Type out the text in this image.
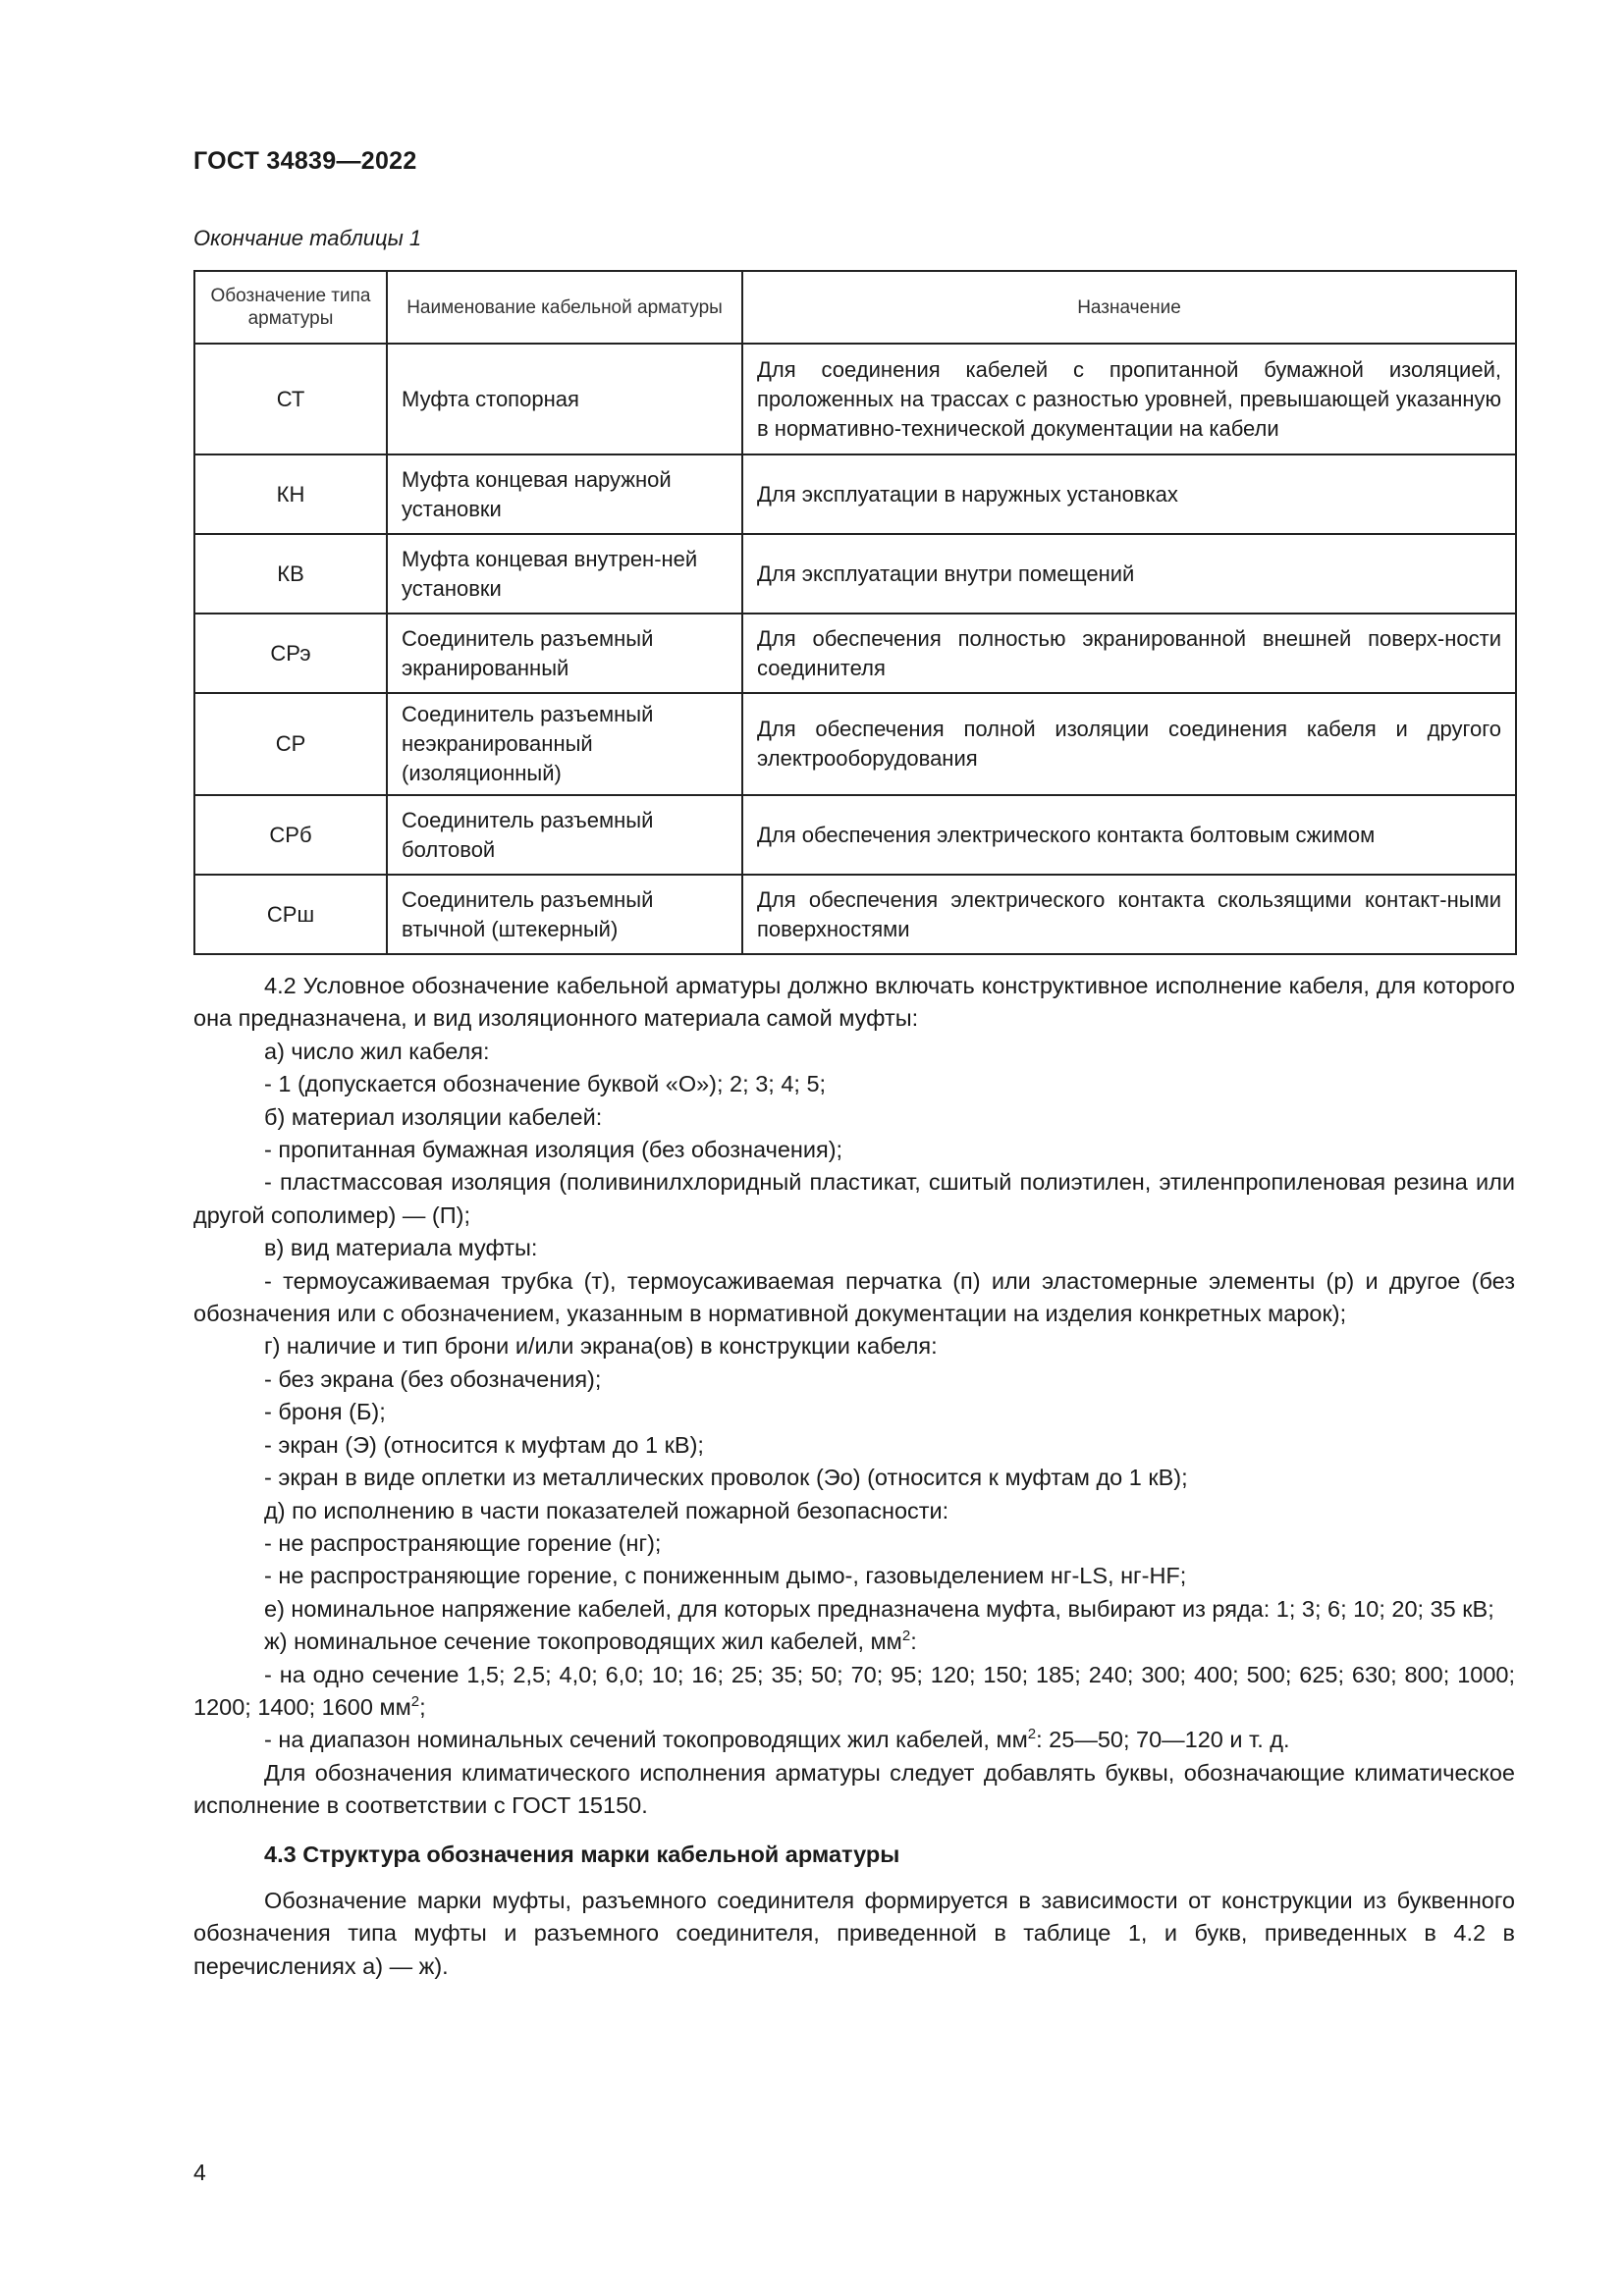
ГОСТ 34839—2022
Окончание таблицы 1
Обозначение типа арматуры	Наименование кабельной арматуры	Назначение
СТ	Муфта стопорная	Для соединения кабелей с пропитанной бумажной изоляцией, проложенных на трассах с разностью уровней, превышающей указанную в нормативно-технической документации на кабели
КН	Муфта концевая наружной установки	Для эксплуатации в наружных установках
КВ	Муфта концевая внутрен-ней установки	Для эксплуатации внутри помещений
СРэ	Соединитель разъемный экранированный	Для обеспечения полностью экранированной внешней поверх-ности соединителя
СР	Соединитель разъемный неэкранированный (изоляционный)	Для обеспечения полной изоляции соединения кабеля и другого электрооборудования
СРб	Соединитель разъемный болтовой	Для обеспечения электрического контакта болтовым сжимом
СРш	Соединитель разъемный втычной (штекерный)	Для обеспечения электрического контакта скользящими контакт-ными поверхностями

4.2 Условное обозначение кабельной арматуры должно включать конструктивное исполнение кабеля, для которого она предназначена, и вид изоляционного материала самой муфты:

а) число жил кабеля:

- 1 (допускается обозначение буквой «О»); 2; 3; 4; 5;

б) материал изоляции кабелей:

- пропитанная бумажная изоляция (без обозначения);

- пластмассовая изоляция (поливинилхлоридный пластикат, сшитый полиэтилен, этиленпропиленовая резина или другой сополимер) — (П);

в) вид материала муфты:

- термоусаживаемая трубка (т), термоусаживаемая перчатка (п) или эластомерные элементы (р) и другое (без обозначения или с обозначением, указанным в нормативной документации на изделия конкретных марок);

г) наличие и тип брони и/или экрана(ов) в конструкции кабеля:

- без экрана (без обозначения);

- броня (Б);

- экран (Э) (относится к муфтам до 1 кВ);

- экран в виде оплетки из металлических проволок (Эо) (относится к муфтам до 1 кВ);

д) по исполнению в части показателей пожарной безопасности:

- не распространяющие горение (нг);

- не распространяющие горение, с пониженным дымо-, газовыделением нг-LS, нг-HF;

е) номинальное напряжение кабелей, для которых предназначена муфта, выбирают из ряда: 1; 3; 6; 10; 20; 35 кВ;

ж) номинальное сечение токопроводящих жил кабелей, $мм^2$:

- на одно сечение 1,5; 2,5; 4,0; 6,0; 10; 16; 25; 35; 50; 70; 95; 120; 150; 185; 240; 300; 400; 500; 625; 630; 800; 1000; 1200; 1400; 1600 $мм^2$;

- на диапазон номинальных сечений токопроводящих жил кабелей, $мм^2$: 25—50; 70—120 и т. д.

Для обозначения климатического исполнения арматуры следует добавлять буквы, обозначающие климатическое исполнение в соответствии с ГОСТ 15150.

4.3 Структура обозначения марки кабельной арматуры

Обозначение марки муфты, разъемного соединителя формируется в зависимости от конструкции из буквенного обозначения типа муфты и разъемного соединителя, приведенной в таблице 1, и букв, приведенных в 4.2 в перечислениях а) — ж).

4
